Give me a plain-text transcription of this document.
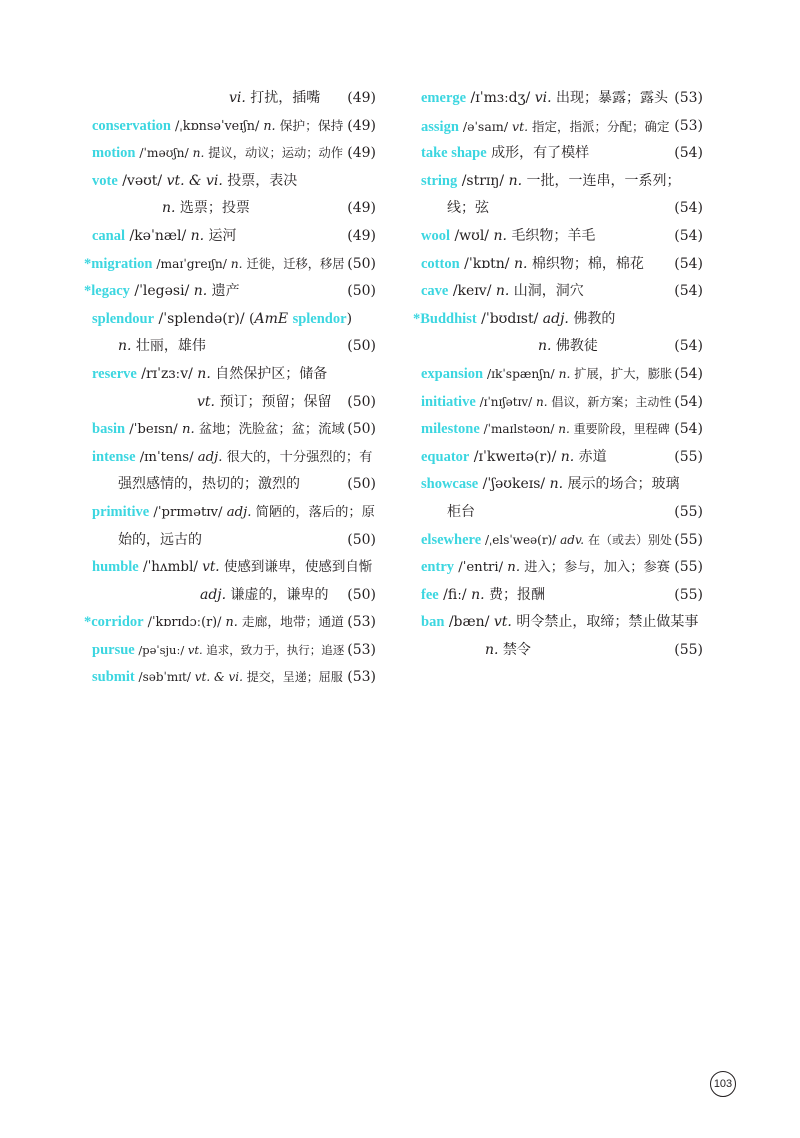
vi. 打扰，插嘴 (49)
conservation /ˌkɒnsəˈveɪʃn/ n. 保护；保持 (49)
motion /ˈməʊʃn/ n. 提议，动议；运动；动作 (49)
vote /vəʊt/ vt. & vi. 投票，表决
n. 选票；投票	(49)
canal /kəˈnæl/ n. 运河	(49)
*migration /maɪˈgreɪʃn/ n. 迁徙，迁移，移居 (50)
*legacy /ˈlegəsi/ n. 遗产	(50)
splendour /ˈsplendə(r)/ (AmE splendor)
n. 壮丽，雄伟	(50)
reserve /rɪˈzɜːv/ n. 自然保护区；储备
vt. 预订；预留；保留 (50)
basin /ˈbeɪsn/ n. 盆地；洗脸盆；盆；流域 (50)
intense /ɪnˈtens/ adj. 很大的，十分强烈的；有
强烈感情的，热切的；激烈的	(50)
primitive /ˈprɪmətɪv/ adj. 简陋的，落后的；原
始的，远古的	(50)
humble /ˈhʌmbl/ vt. 使感到谦卑，使感到自惭
adj. 谦虚的，谦卑的 (50)
*corridor /ˈkɒrɪdɔː(r)/ n. 走廊，地带；通道 (53)
pursue /pəˈsjuː/ vt. 追求，致力于，执行；追逐 (53)
submit /səbˈmɪt/ vt. & vi. 提交，呈递；屈服 (53)
emerge /ɪˈmɜːdʒ/ vi. 出现；暴露；露头 (53)
assign /əˈsaɪn/ vt. 指定，指派；分配；确定 (53)
take shape 成形，有了模样	(54)
string /strɪŋ/ n. 一批，一连串，一系列；
线；弦	(54)
wool /wʊl/ n. 毛织物；羊毛	(54)
cotton /ˈkɒtn/ n. 棉织物；棉，棉花 (54)
cave /keɪv/ n. 山洞，洞穴	(54)
*Buddhist /ˈbʊdɪst/ adj. 佛教的
n. 佛教徒	(54)
expansion /ɪkˈspænʃn/ n. 扩展，扩大，膨胀 (54)
initiative /ɪˈnɪʃətɪv/ n. 倡议，新方案；主动性 (54)
milestone /ˈmaɪlstəʊn/ n. 重要阶段，里程碑 (54)
equator /ɪˈkweɪtə(r)/ n. 赤道	(55)
showcase /ˈʃəʊkeɪs/ n. 展示的场合；玻璃
柜台	(55)
elsewhere /ˌelsˈweə(r)/ adv. 在（或去）别处 (55)
entry /ˈentri/ n. 进入；参与，加入；参赛 (55)
fee /fiː/ n. 费；报酬	(55)
ban /bæn/ vt. 明令禁止，取缔；禁止做某事
n. 禁令	(55)
103
